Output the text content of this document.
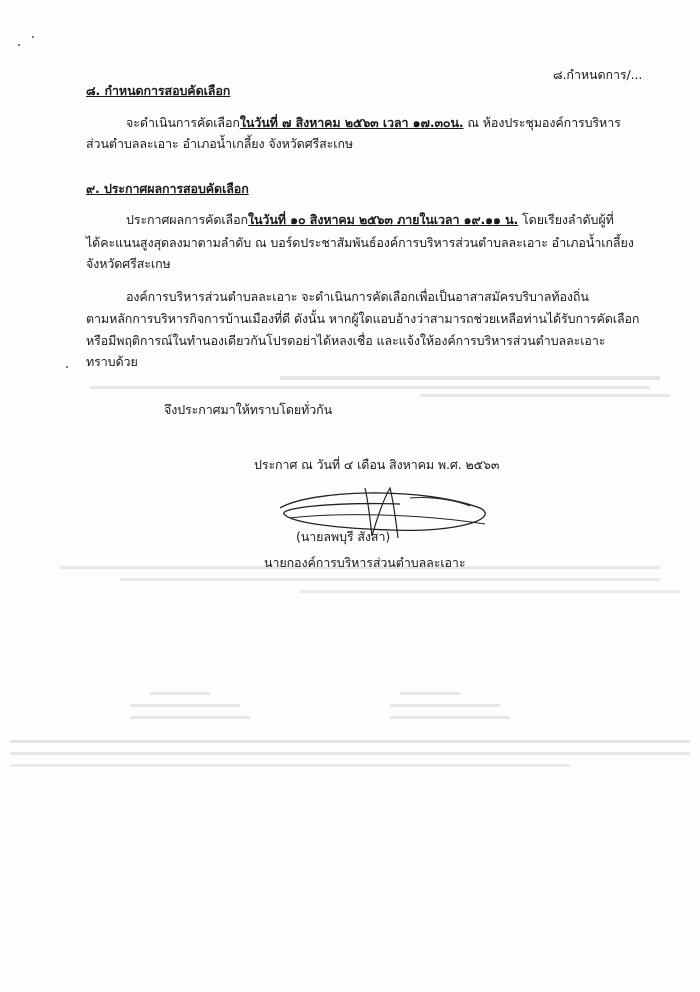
๘.กำหนดการ/...
๘. กำหนดการสอบคัดเลือก
จะดำเนินการคัดเลือกในวันที่ ๗ สิงหาคม ๒๕๖๓ เวลา ๑๗.๓๐น. ณ ห้องประชุมองค์การบริหาร
ส่วนตำบลละเอาะ อำเภอน้ำเกลี้ยง จังหวัดศรีสะเกษ
๙. ประกาศผลการสอบคัดเลือก
ประกาศผลการคัดเลือกในวันที่ ๑๐ สิงหาคม ๒๕๖๓ ภายในเวลา ๑๙.๑๑ น. โดยเรียงลำดับผู้ที่
ได้คะแนนสูงสุดลงมาตามลำดับ ณ บอร์ดประชาสัมพันธ์องค์การบริหารส่วนตำบลละเอาะ อำเภอน้ำเกลี้ยง
จังหวัดศรีสะเกษ
องค์การบริหารส่วนตำบลละเอาะ จะดำเนินการคัดเลือกเพื่อเป็นอาสาสมัครบริบาลท้องถิ่น
ตามหลักการบริหารกิจการบ้านเมืองที่ดี ดังนั้น หากผู้ใดแอบอ้างว่าสามารถช่วยเหลือท่านได้รับการคัดเลือก
หรือมีพฤติการณ์ในทำนองเดียวกันโปรดอย่าได้หลงเชื่อ และแจ้งให้องค์การบริหารส่วนตำบลละเอาะ
ทราบด้วย
จึงประกาศมาให้ทราบโดยทั่วกัน
ประกาศ ณ วันที่ ๔ เดือน สิงหาคม พ.ศ. ๒๕๖๓
(นายลพบุรี สังสา)
นายกองค์การบริหารส่วนตำบลละเอาะ
